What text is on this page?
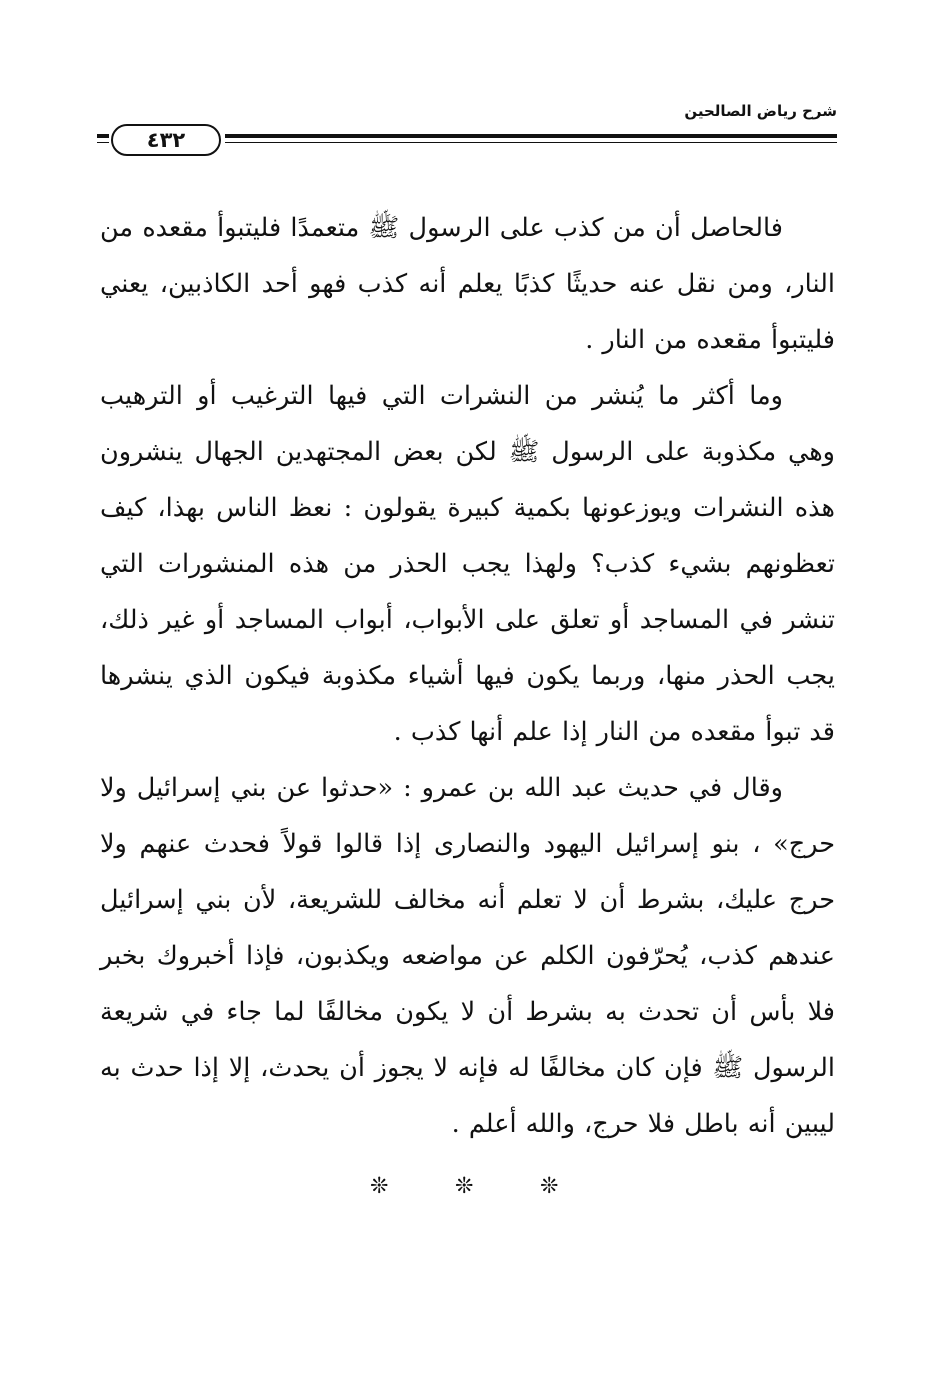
شرح رياض الصالحين
٤٣٢

فالحاصل أن من كذب على الرسول ﷺ متعمدًا فليتبوأ مقعده من النار، ومن نقل عنه حديثًا كذبًا يعلم أنه كذب فهو أحد الكاذبين، يعني فليتبوأ مقعده من النار .

وما أكثر ما يُنشر من النشرات التي فيها الترغيب أو الترهيب وهي مكذوبة على الرسول ﷺ لكن بعض المجتهدين الجهال ينشرون هذه النشرات ويوزعونها بكمية كبيرة يقولون : نعظ الناس بهذا، كيف تعظونهم بشيء كذب؟ ولهذا يجب الحذر من هذه المنشورات التي تنشر في المساجد أو تعلق على الأبواب، أبواب المساجد أو غير ذلك، يجب الحذر منها، وربما يكون فيها أشياء مكذوبة فيكون الذي ينشرها قد تبوأ مقعده من النار إذا علم أنها كذب .

وقال في حديث عبد الله بن عمرو : «حدثوا عن بني إسرائيل ولا حرج» ، بنو إسرائيل اليهود والنصارى إذا قالوا قولاً فحدث عنهم ولا حرج عليك، بشرط أن لا تعلم أنه مخالف للشريعة، لأن بني إسرائيل عندهم كذب، يُحرّفون الكلم عن مواضعه ويكذبون، فإذا أخبروك بخبر فلا بأس أن تحدث به بشرط أن لا يكون مخالفًا لما جاء في شريعة الرسول ﷺ فإن كان مخالفًا له فإنه لا يجوز أن يحدث، إلا إذا حدث به ليبين أنه باطل فلا حرج، والله أعلم .

❊	❊	❊
